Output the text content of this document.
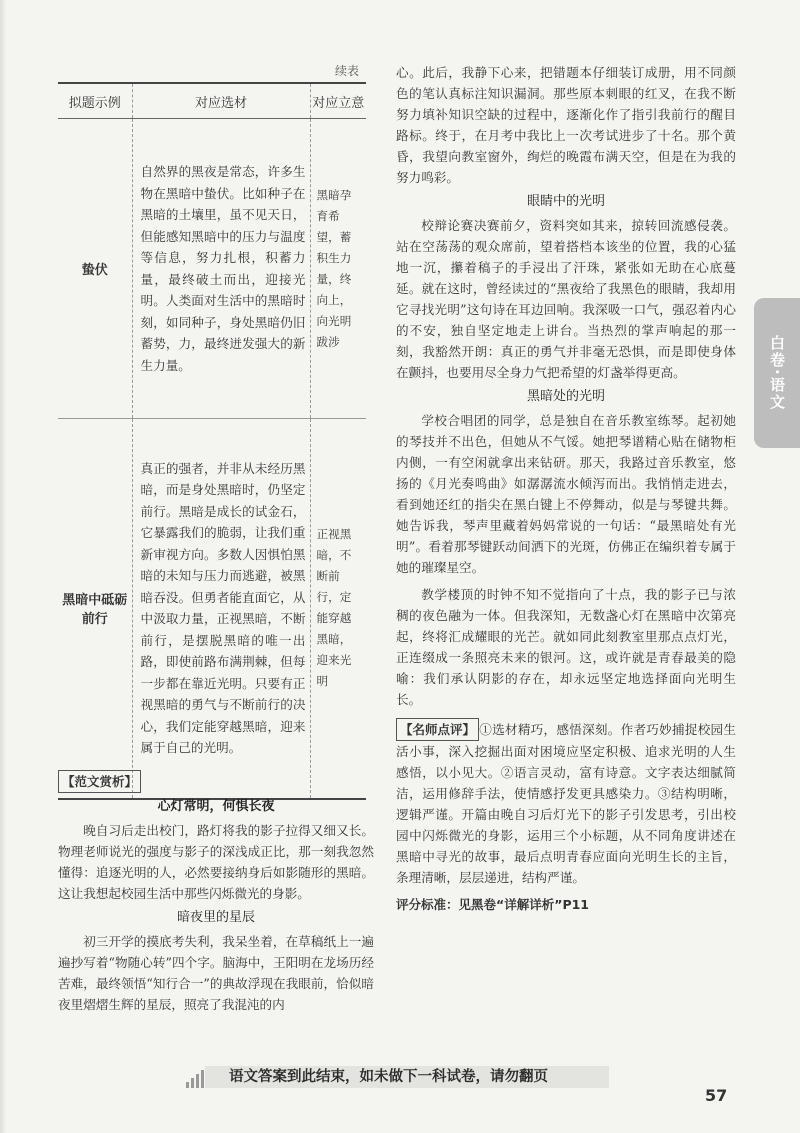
续表
拟题示例	对应选材	对应立意
蛰伏	自然界的黑夜是常态，许多生物在黑暗中蛰伏。比如种子在黑暗的土壤里，虽不见天日，但能感知黑暗中的压力与温度等信息，努力扎根，积蓄力量，最终破土而出，迎接光明。人类面对生活中的黑暗时刻，如同种子，身处黑暗仍旧蓄势，力，最终迸发强大的新生力量。	黑暗孕育希望，蓄积生力量，终向上，向光明跋涉
黑暗中砥砺前行	真正的强者，并非从未经历黑暗，而是身处黑暗时，仍坚定前行。黑暗是成长的试金石，它暴露我们的脆弱，让我们重新审视方向。多数人因惧怕黑暗的未知与压力而逃避，被黑暗吞没。但勇者能直面它，从中汲取力量，正视黑暗，不断前行，是摆脱黑暗的唯一出路，即使前路布满荆棘，但每一步都在靠近光明。只要有正视黑暗的勇气与不断前行的决心，我们定能穿越黑暗，迎来属于自己的光明。	正视黑暗，不断前行，定能穿越黑暗，迎来光明
【范文赏析】
心灯常明，何惧长夜

晚自习后走出校门，路灯将我的影子拉得又细又长。物理老师说光的强度与影子的深浅成正比，那一刻我忽然懂得：追逐光明的人，必然要接纳身后如影随形的黑暗。这让我想起校园生活中那些闪烁微光的身影。

暗夜里的星辰

初三开学的摸底考失利，我呆坐着，在草稿纸上一遍遍抄写着“物随心转”四个字。脑海中，王阳明在龙场历经苦难，最终领悟“知行合一”的典故浮现在我眼前，恰似暗夜里熠熠生辉的星辰，照亮了我混沌的内

心。此后，我静下心来，把错题本仔细装订成册，用不同颜色的笔认真标注知识漏洞。那些原本刺眼的红叉，在我不断努力填补知识空缺的过程中，逐渐化作了指引我前行的醒目路标。终于，在月考中我比上一次考试进步了十名。那个黄昏，我望向教室窗外，绚烂的晚霞布满天空，但是在为我的努力鸣彩。

眼睛中的光明

校辩论赛决赛前夕，资料突如其来，掠转回流感侵袭。站在空荡荡的观众席前，望着搭档本该坐的位置，我的心猛地一沉，攥着稿子的手浸出了汗珠，紧张如无助在心底蔓延。就在这时，曾经读过的“黑夜给了我黑色的眼睛，我却用它寻找光明”这句诗在耳边回响。我深吸一口气，强忍着内心的不安，独自坚定地走上讲台。当热烈的掌声响起的那一刻，我豁然开朗：真正的勇气并非毫无恐惧，而是即使身体在颤抖，也要用尽全身力气把希望的灯盏举得更高。

黑暗处的光明

学校合唱团的同学，总是独自在音乐教室练琴。起初她的琴技并不出色，但她从不气馁。她把琴谱精心贴在储物柜内侧，一有空闲就拿出来钻研。那天，我路过音乐教室，悠扬的《月光奏鸣曲》如潺潺流水倾泻而出。我悄悄走进去，看到她还红的指尖在黑白键上不停舞动，似是与琴键共舞。她告诉我，琴声里藏着妈妈常说的一句话：“最黑暗处有光明”。看着那琴键跃动间洒下的光斑，仿佛正在编织着专属于她的璀璨星空。

教学楼顶的时钟不知不觉指向了十点，我的影子已与浓稠的夜色融为一体。但我深知，无数盏心灯在黑暗中次第亮起，终将汇成耀眼的光芒。就如同此刻教室里那点点灯光，正连缀成一条照亮未来的银河。这，或许就是青春最美的隐喻：我们承认阴影的存在，却永远坚定地选择面向光明生长。

【名师点评】 ①选材精巧，感悟深刻。作者巧妙捕捉校园生活小事，深入挖掘出面对困境应坚定积极、追求光明的人生感悟，以小见大。②语言灵动，富有诗意。文字表达细腻简洁，运用修辞手法，使情感抒发更具感染力。③结构明晰，逻辑严谨。开篇由晚自习后灯光下的影子引发思考，引出校园中闪烁微光的身影，运用三个小标题，从不同角度讲述在黑暗中寻光的故事，最后点明青春应面向光明生长的主旨，条理清晰，层层递进，结构严谨。

评分标准：见黑卷“详解详析”P11

白卷·语文
语文答案到此结束，如未做下一科试卷，请勿翻页
57
